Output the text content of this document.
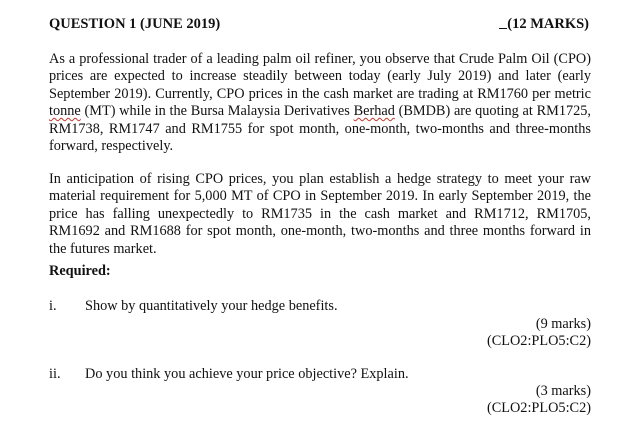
QUESTION 1 (JUNE 2019)	(12 MARKS)

As a professional trader of a leading palm oil refiner, you observe that Crude Palm Oil (CPO) prices are expected to increase steadily between today (early July 2019) and later (early September 2019). Currently, CPO prices in the cash market are trading at RM1760 per metric tonne (MT) while in the Bursa Malaysia Derivatives Berhad (BMDB) are quoting at RM1725, RM1738, RM1747 and RM1755 for spot month, one-month, two-months and three-months forward, respectively.

In anticipation of rising CPO prices, you plan establish a hedge strategy to meet your raw material requirement for 5,000 MT of CPO in September 2019. In early September 2019, the price has falling unexpectedly to RM1735 in the cash market and RM1712, RM1705, RM1692 and RM1688 for spot month, one-month, two-months and three months forward in the futures market.

Required:
i. Show by quantitatively your hedge benefits.
(9 marks)
(CLO2:PLO5:C2)
ii. Do you think you achieve your price objective? Explain.
(3 marks)
(CLO2:PLO5:C2)
